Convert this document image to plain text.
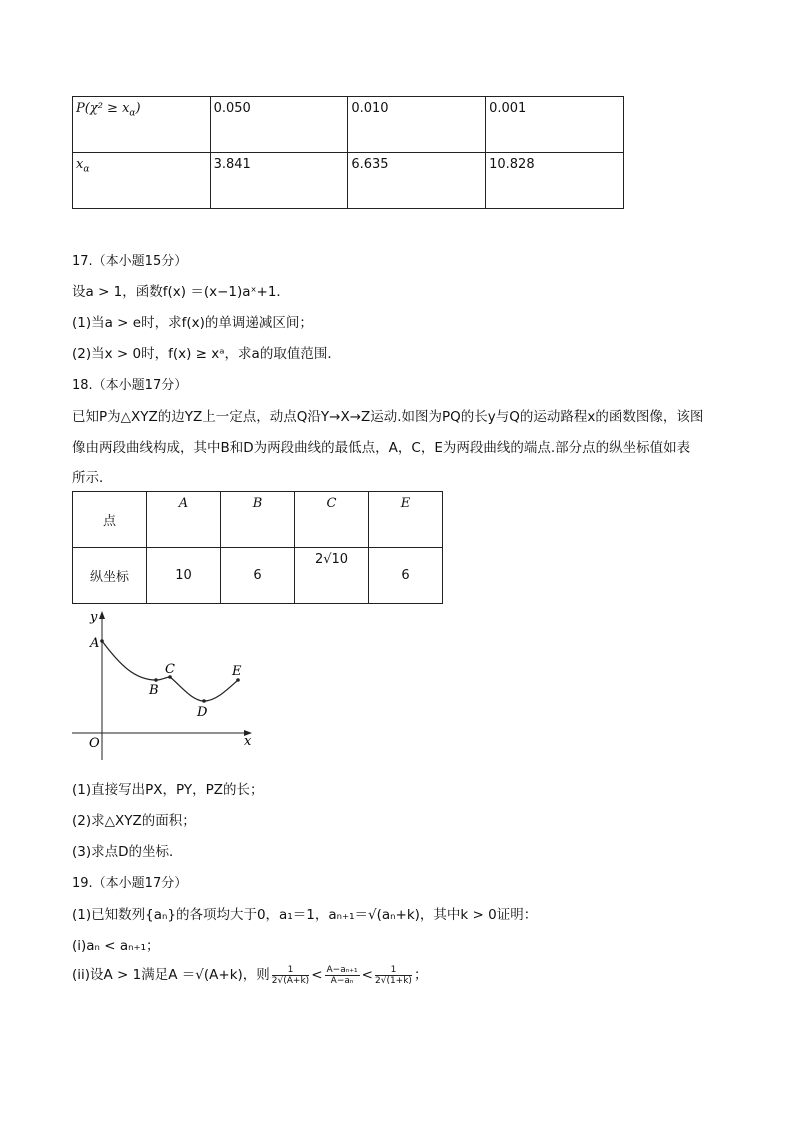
$P(\chi^2 \ge x_\alpha)$	0.050	0.010	0.001
$x_\alpha$	3.841	6.635	10.828
17.（本小题15分）
设a > 1，函数f(x) ＝(x−1)aˣ+1．
(1)当a > e时，求f(x)的单调递减区间；
(2)当x > 0时，f(x) ≥ xᵃ，求a的取值范围．
18.（本小题17分）
已知P为△XYZ的边YZ上一定点，动点Q沿Y→X→Z运动.如图为PQ的长y与Q的运动路程x的函数图像，该图
像由两段曲线构成，其中B和D为两段曲线的最低点，A，C，E为两段曲线的端点.部分点的纵坐标值如表
所示．
点	A	B	C	E
纵坐标	10	6	2√10	6
y
x
O
A
B
C
D
E
(1)直接写出PX，PY，PZ的长；
(2)求△XYZ的面积；
(3)求点D的坐标．
19.（本小题17分）
(1)已知数列{aₙ}的各项均大于0，a₁＝1，aₙ₊₁＝√(aₙ+k)，其中k > 0证明：
(i)aₙ < aₙ₊₁；
(ii)设A > 1满足A ＝√(A+k)，则 $\frac{1}{2√(A+k)} < \frac{\text{A−aₙ₊₁}}{\text{A−aₙ}} < \frac{1}{2√(1+k)}$ ；
